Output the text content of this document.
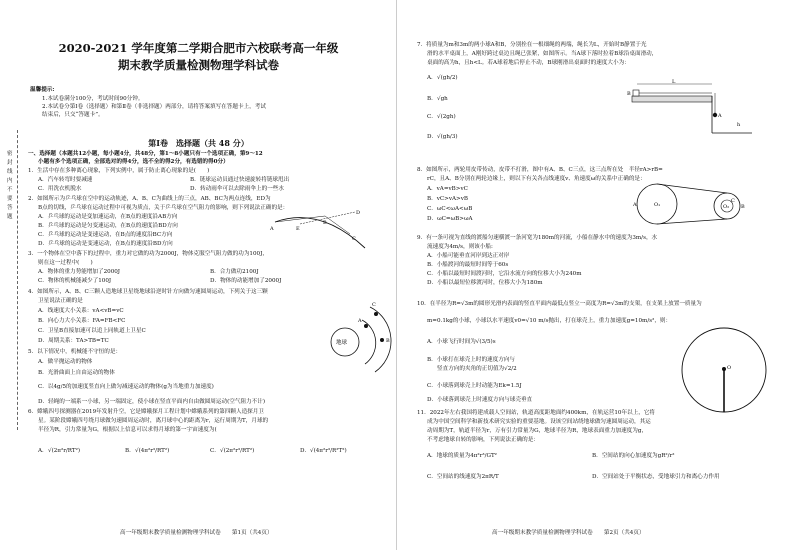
密封线内不要答题
2020-2021 学年度第二学期合肥市六校联考高一年级
期末教学质量检测物理学科试卷
温馨提示:
1.本试卷满分100分，考试时间90分钟。
2.本试卷分第Ⅰ卷（选择题）和第Ⅱ卷（非选择题）两部分，请将答案填写在答题卡上，考试
结束后，只交“答题卡”。
第Ⅰ卷　选择题（共 48 分）
一、选择题（本题共12小题，每小题4分，共48分，第1～8小题只有一个选项正确，第9～12
小题有多个选项正确，全部选对的得4分，选不全的得2分，有选错的得0分）
1．生活中存在多种离心现象，下列实例中，属于防止离心现象的是(　　)
A．汽车转弯时要减速	B．链球运动员通过快速旋转将链球甩出
C．用洗衣机脱水	D．转动雨伞可以去除雨伞上的一些水
2．如图所示为乒乓球在空中的运动轨迹，A、B、C为曲线上的三点，AB、BC为两点连线，ED为
B点的切线，乒乓球在运动过程中可视为质点，关于乒乓球在空气阻力的影响，则下列说法正确的是：
A．乒乓球的运动是变加速运动，在B点的速度沿AB方向
B．乒乓球的运动是匀变速运动，在B点的速度沿BD方向
C．乒乓球的运动是变速运动，在B点的速度沿BC方向
D．乒乓球的运动是变速运动，在B点的速度沿BD方向
A
B
C
E
D
3．一个物体在空中落下的过程中，重力对它做的功为2000J，物体克服空气阻力做的功为100J，
则在这一过程中(　　)
A．物体的重力势能增加了2000J	B．合力做功2100J
C．物体的机械能减少了100J	D．物体的动能增加了2000J
4．如图所示，A、B、C三颗人造地球卫星绕地球沿逆时针方向做匀速圆周运动，下列关于这三颗
卫星说法正确的是
A．线速度大小关系：vA<vB=vC
B．向心力大小关系：FA=FB<FC
C．卫星B直接加速可以追上同轨道上卫星C
D．周期关系：TA>TB=TC	地球
C
A
B
5．以下情况中，机械能不守恒的是：
A．做平抛运动的物体
B．光滑曲面上自由运动的物体
C．以4g/5的加速度竖直向上做匀减速运动的物体(g为当地重力加速度)
D．轻绳的一端系一小球，另一端固定，使小球在竖直平面内自由做圆周运动(空气阻力不计)
6．嫦娥四号探测器在2019年发射升空，它是嫦娥探月工程计划中嫦娥系列的第四颗人造探月卫
星。某阶段嫦娥四号绕月球做匀速圆周运动时，离月球中心的距离为r，运行周期为T，月球的
半径为R，引力常量为G，根据以上信息可以求得月球的第一宇宙速度为(
A． √(2π²r/RT²)	B． √(4π²r³/RT²)	C． √(2π²r³/RT²)	D． √(4π²r³/R²T²)
高一年级期末教学质量检测物理学科试卷　　第1页（共4页）
7．将质量为m和3m的两小球A和B，分别拴在一根细绳的两端，绳长为L，开始时B静置于光
滑的水平桌面上，A刚好跨过桌边且绳已张紧，如图所示。当A球下落时拉着B球沿桌面滑动，
桌面的高为h，且h<L。若A球着地后停止不动，B球刚滑出桌面时的速度大小为：
A． √(gh/2)
B． √gh
C． √(2gh)
D． √(gh/3)
B
A
L
h
8．如图所示，两轮用皮带传动，皮带不打滑，图中有A、B、C三点，这三点所在处　半径rA>rB=
rC，且A、B分别在两轮边缘上，则以下有关各点线速度v、角速度ω的关系中正确的是：
A．vA=vB>vC
B．vC>vA>vB
C．ωC<ωA<ωB
D．ωC=ωB>ωA
O₁	O₂
A	B
C
9．有一条可视为直线的渡船匀速横渡一条河宽为180m的河流，小船在静水中的速度为3m/s，水
流速度为4m/s，则该小船:
A．小船可能垂直河岸到达正对岸
B．小船渡河的最短时间等于60s
C．小船以最短时间渡河时，它沿水流方向的位移大小为240m
D．小船以最短位移渡河时，位移大小为180m
10．在半径为R=√3m的圆形光滑内表面的竖直平面内最低点竖立一高度为R=√3m的支架，在支架上放置一质量为
m=0.1kg的小球，小球以水平速度v0=√10 m/s抛出，打在球壳上，重力加速度g=10m/s²，则：
A．小球飞行时间为√(3/5)s
B．小球打在球壳上时的速度方向与
竖直方向的夹角的正切值为√2/2
C．小球落到球壳上时动能为Ek=1.5J
D．小球落到球壳上时速度方向与球壳垂直
O
11．2022年左右我国将建成载人空间站，轨道高度距地面约400km，在轨运营10年以上，它将
成为中国空间科学和新技术研究实验的重要基地。设该空间站绕地球做匀速圆周运动，其运
动周期为T，轨道半径为r，万有引力常量为G，地球半径为R，地球表面重力加速度为g，
不考虑地球自转的影响，下列说法正确的是：
A．地球的质量为4π²r³/GT²	B．空间站的向心加速度为gR²/r²
C．空间站的线速度为2πR/T	D．空间站处于平衡状态，受地球引力和离心力作用
高一年级期末教学质量检测物理学科试卷　　第2页（共4页）
